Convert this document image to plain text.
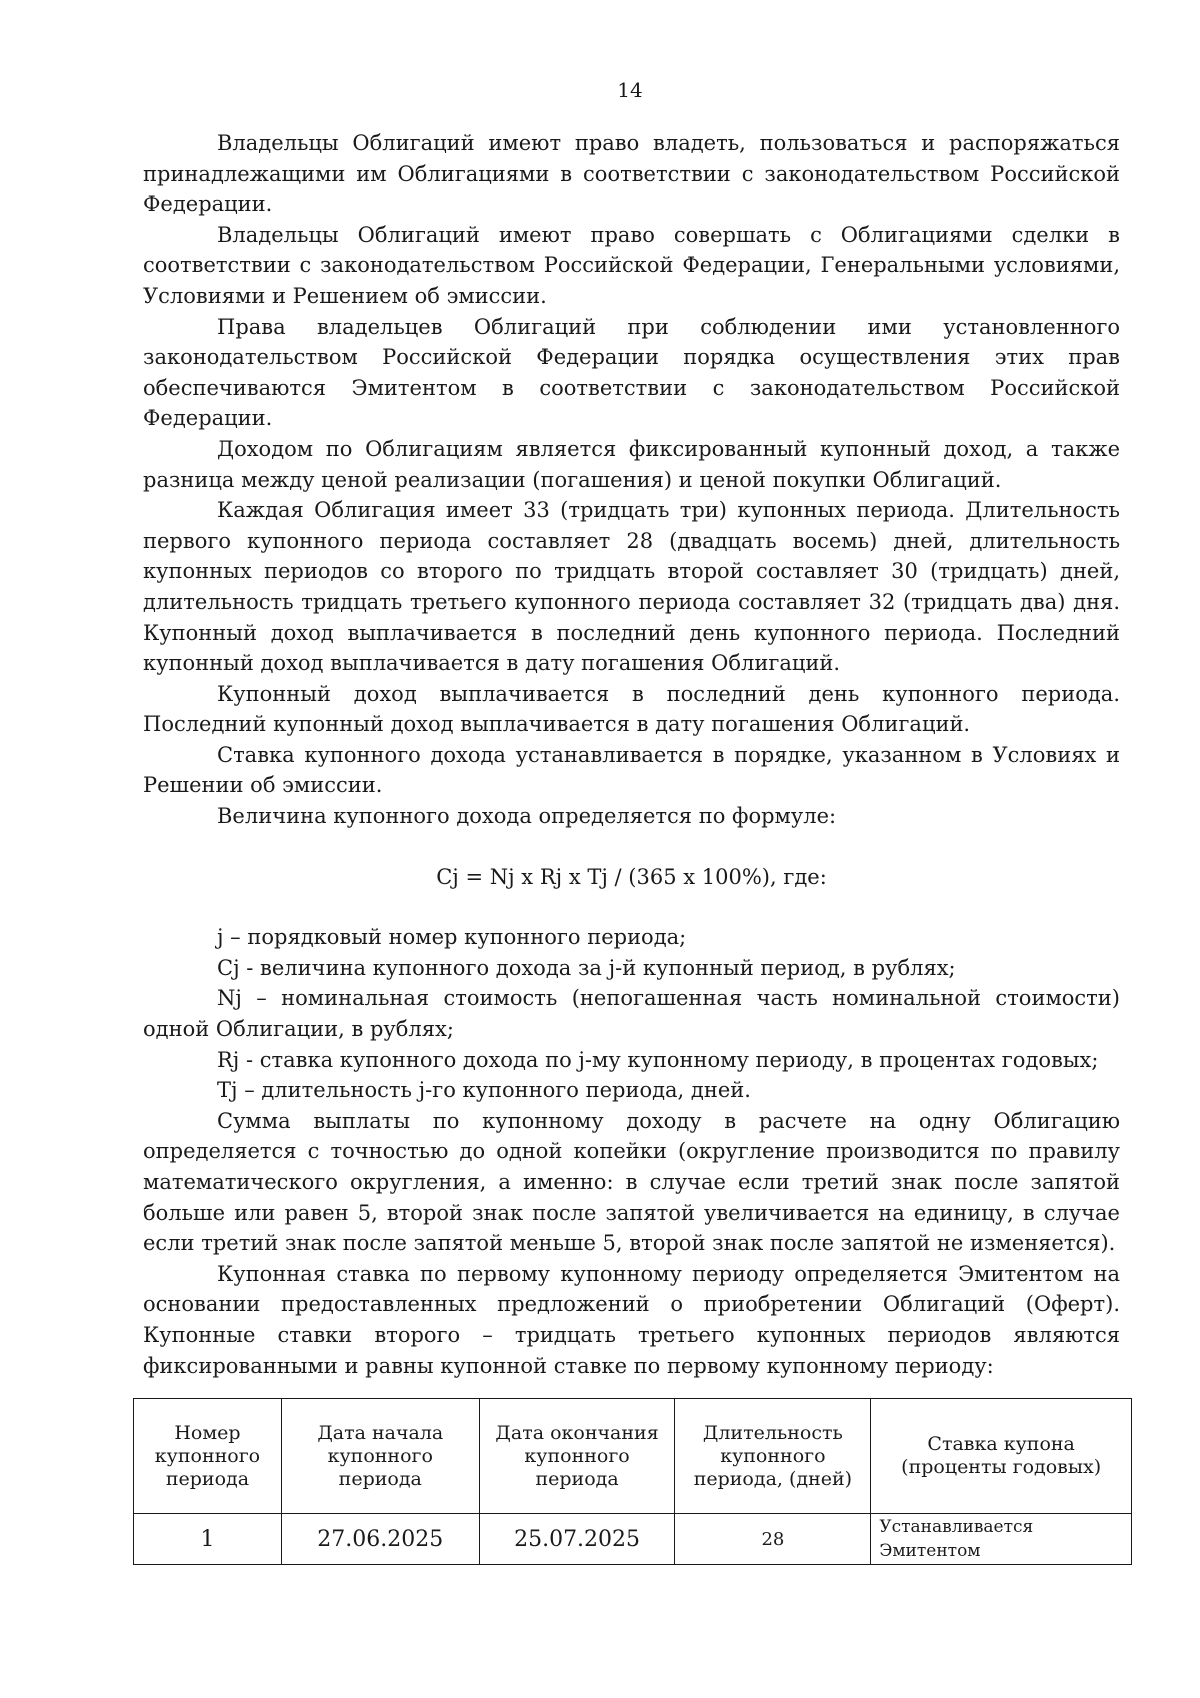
14

Владельцы Облигаций имеют право владеть, пользоваться и распоряжаться принадлежащими им Облигациями в соответствии с законодательством Российской Федерации.

Владельцы Облигаций имеют право совершать с Облигациями сделки в соответствии с законодательством Российской Федерации, Генеральными условиями, Условиями и Решением об эмиссии.

Права владельцев Облигаций при соблюдении ими установленного законодательством Российской Федерации порядка осуществления этих прав обеспечиваются Эмитентом в соответствии с законодательством Российской Федерации.

Доходом по Облигациям является фиксированный купонный доход, а также разница между ценой реализации (погашения) и ценой покупки Облигаций.

Каждая Облигация имеет 33 (тридцать три) купонных периода. Длительность первого купонного периода составляет 28 (двадцать восемь) дней, длительность купонных периодов со второго по тридцать второй составляет 30 (тридцать) дней, длительность тридцать третьего купонного периода составляет 32 (тридцать два) дня. Купонный доход выплачивается в последний день купонного периода. Последний купонный доход выплачивается в дату погашения Облигаций.

Купонный доход выплачивается в последний день купонного периода. Последний купонный доход выплачивается в дату погашения Облигаций.

Ставка купонного дохода устанавливается в порядке, указанном в Условиях и Решении об эмиссии.

Величина купонного дохода определяется по формуле:

Cj = Nj x Rj x Tj / (365 x 100%), где:

j – порядковый номер купонного периода;

Cj - величина купонного дохода за j-й купонный период, в рублях;

Nj – номинальная стоимость (непогашенная часть номинальной стоимости) одной Облигации, в рублях;

Rj - ставка купонного дохода по j-му купонному периоду, в процентах годовых;

Tj – длительность j-го купонного периода, дней.

Сумма выплаты по купонному доходу в расчете на одну Облигацию определяется с точностью до одной копейки (округление производится по правилу математического округления, а именно: в случае если третий знак после запятой больше или равен 5, второй знак после запятой увеличивается на единицу, в случае если третий знак после запятой меньше 5, второй знак после запятой не изменяется).

Купонная ставка по первому купонному периоду определяется Эмитентом на основании предоставленных предложений о приобретении Облигаций (Оферт). Купонные ставки второго – тридцать третьего купонных периодов являются фиксированными и равны купонной ставке по первому купонному периоду:

Номер купонного периода	Дата начала купонного периода	Дата окончания купонного периода	Длительность купонного периода, (дней)	Ставка купона (проценты годовых)
1	27.06.2025	25.07.2025	28	Устанавливается Эмитентом
